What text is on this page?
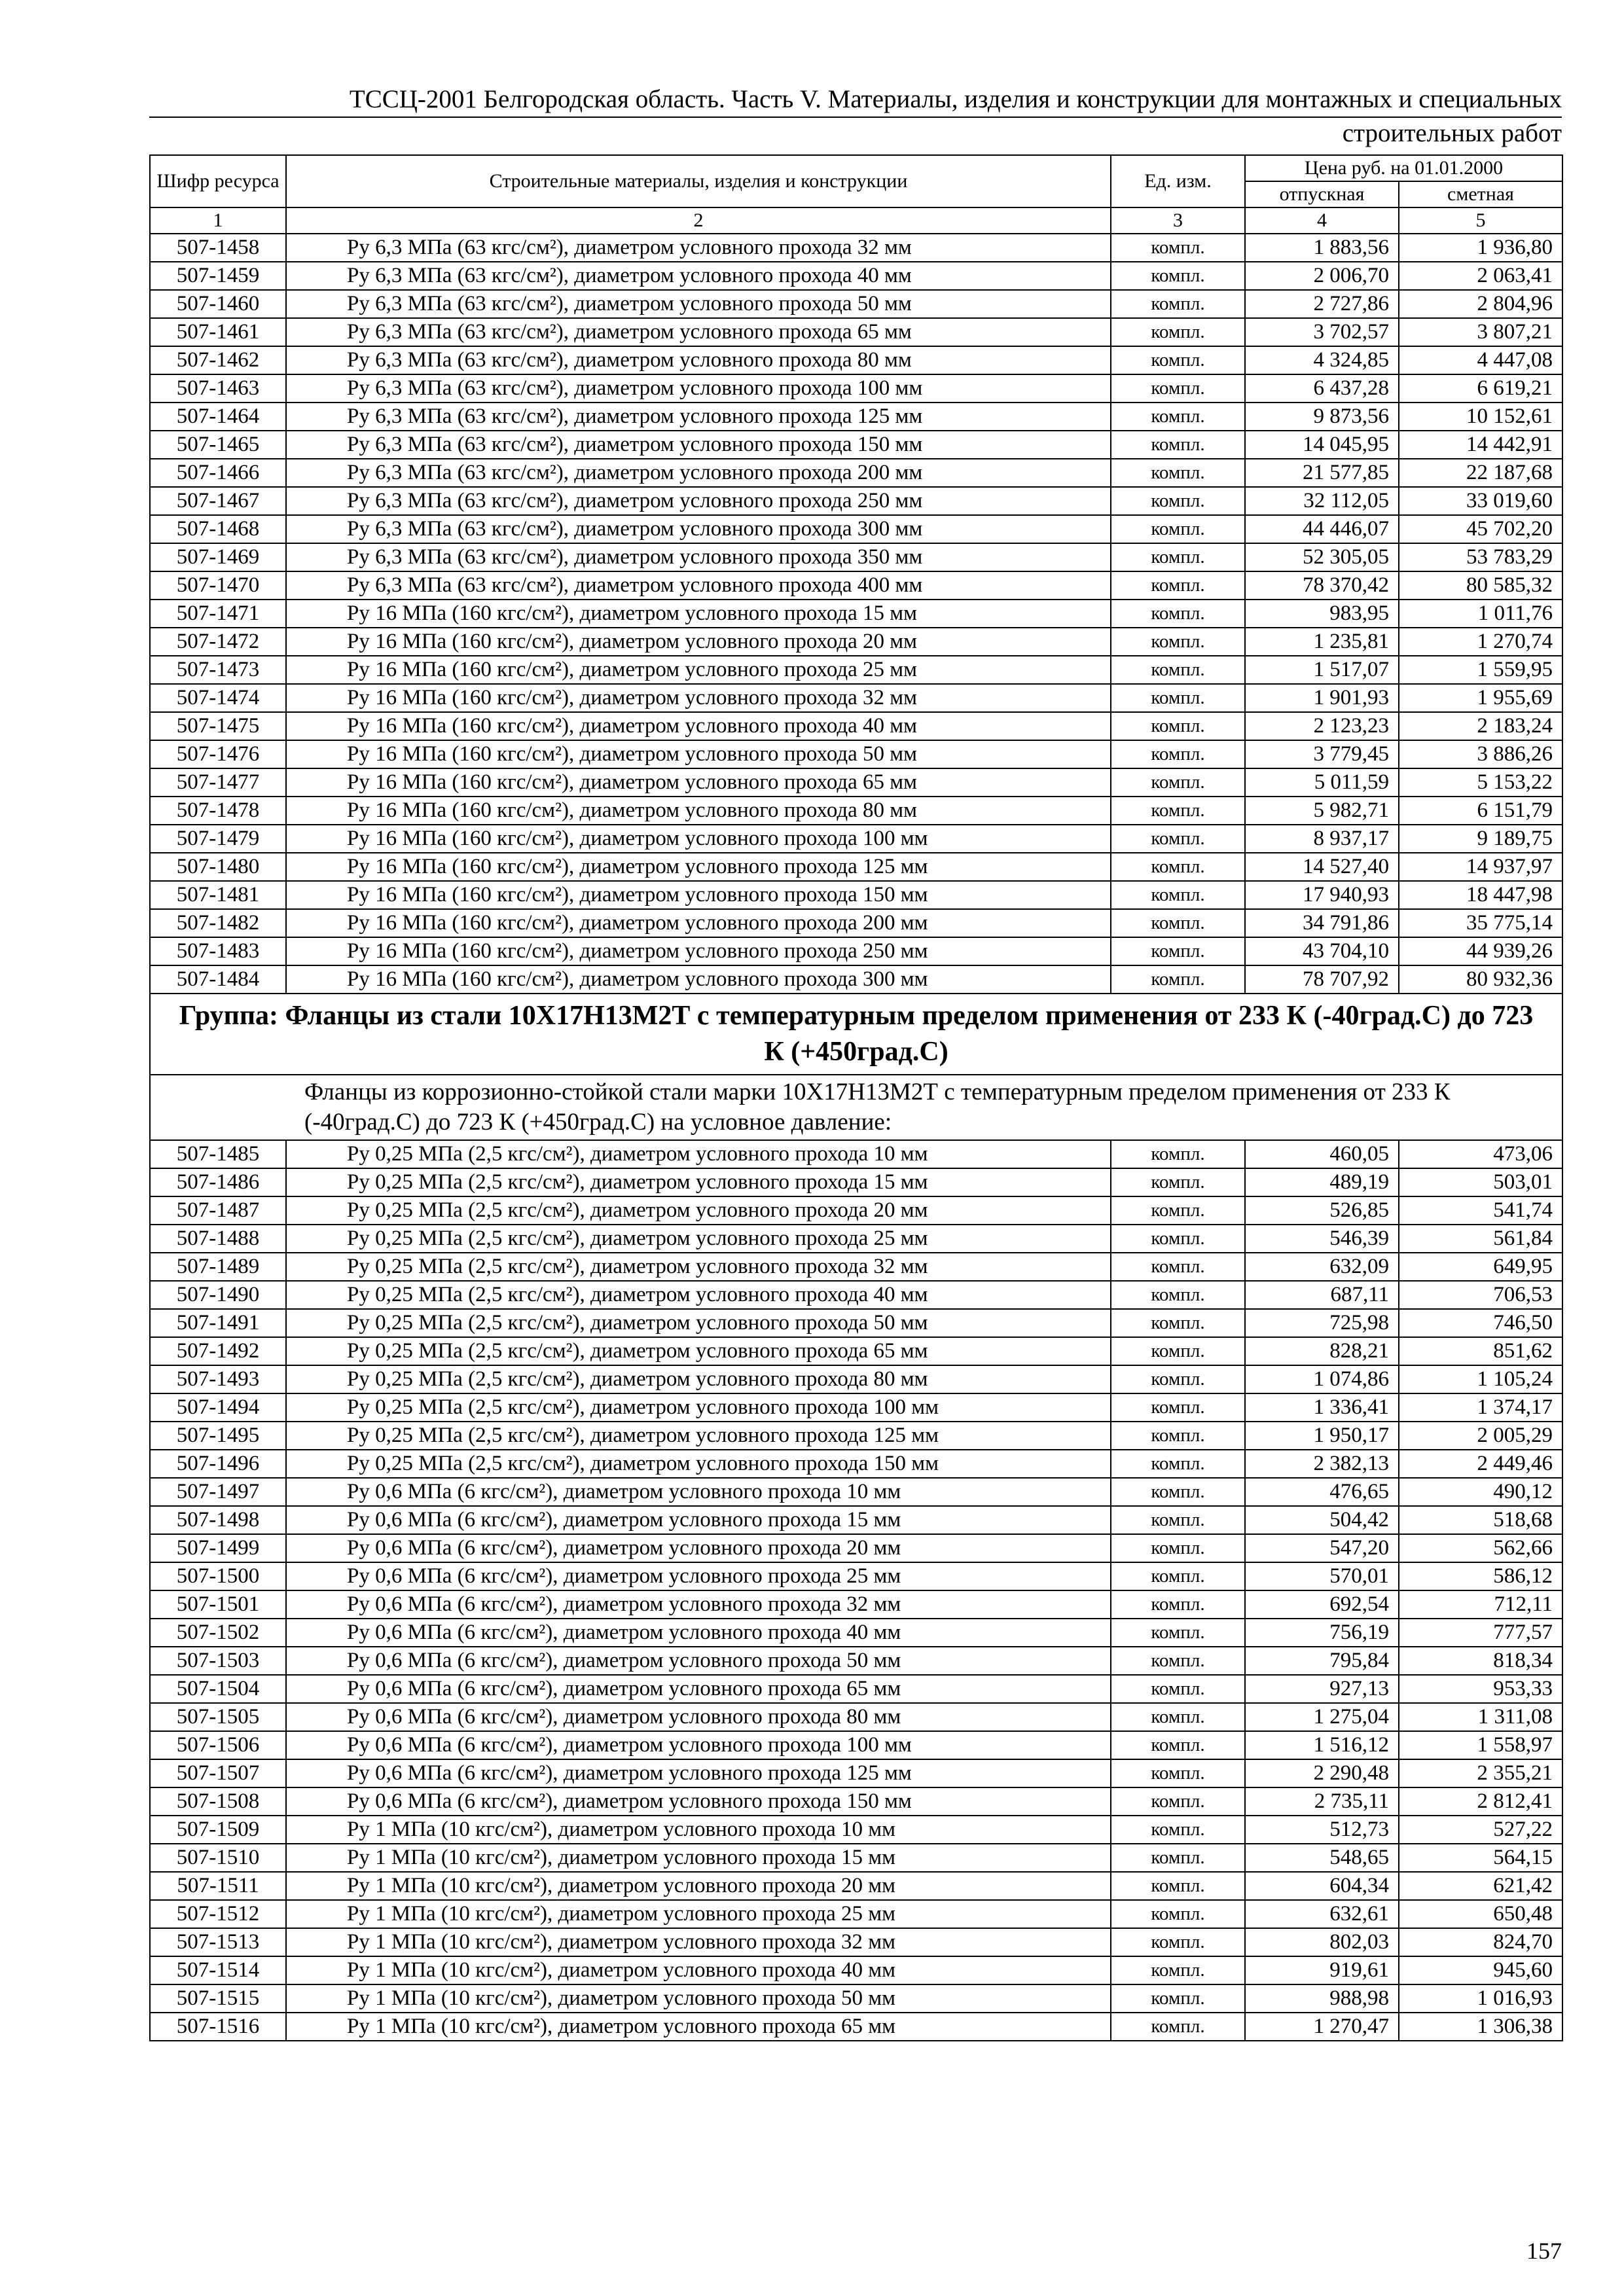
ТССЦ-2001 Белгородская область. Часть V. Материалы, изделия и конструкции для монтажных и специальных
строительных работ
Шифр ресурса	Строительные материалы, изделия и конструкции	Ед. изм.	Цена руб. на 01.01.2000	
			отпускная	сметная
1	2	3	4	5
507-1458	Ру 6,3 МПа (63 кгс/см²), диаметром условного прохода 32 мм	компл.	1 883,56	1 936,80
507-1459	Ру 6,3 МПа (63 кгс/см²), диаметром условного прохода 40 мм	компл.	2 006,70	2 063,41
507-1460	Ру 6,3 МПа (63 кгс/см²), диаметром условного прохода 50 мм	компл.	2 727,86	2 804,96
507-1461	Ру 6,3 МПа (63 кгс/см²), диаметром условного прохода 65 мм	компл.	3 702,57	3 807,21
507-1462	Ру 6,3 МПа (63 кгс/см²), диаметром условного прохода 80 мм	компл.	4 324,85	4 447,08
507-1463	Ру 6,3 МПа (63 кгс/см²), диаметром условного прохода 100 мм	компл.	6 437,28	6 619,21
507-1464	Ру 6,3 МПа (63 кгс/см²), диаметром условного прохода 125 мм	компл.	9 873,56	10 152,61
507-1465	Ру 6,3 МПа (63 кгс/см²), диаметром условного прохода 150 мм	компл.	14 045,95	14 442,91
507-1466	Ру 6,3 МПа (63 кгс/см²), диаметром условного прохода 200 мм	компл.	21 577,85	22 187,68
507-1467	Ру 6,3 МПа (63 кгс/см²), диаметром условного прохода 250 мм	компл.	32 112,05	33 019,60
507-1468	Ру 6,3 МПа (63 кгс/см²), диаметром условного прохода 300 мм	компл.	44 446,07	45 702,20
507-1469	Ру 6,3 МПа (63 кгс/см²), диаметром условного прохода 350 мм	компл.	52 305,05	53 783,29
507-1470	Ру 6,3 МПа (63 кгс/см²), диаметром условного прохода 400 мм	компл.	78 370,42	80 585,32
507-1471	Ру 16 МПа (160 кгс/см²), диаметром условного прохода 15 мм	компл.	983,95	1 011,76
507-1472	Ру 16 МПа (160 кгс/см²), диаметром условного прохода 20 мм	компл.	1 235,81	1 270,74
507-1473	Ру 16 МПа (160 кгс/см²), диаметром условного прохода 25 мм	компл.	1 517,07	1 559,95
507-1474	Ру 16 МПа (160 кгс/см²), диаметром условного прохода 32 мм	компл.	1 901,93	1 955,69
507-1475	Ру 16 МПа (160 кгс/см²), диаметром условного прохода 40 мм	компл.	2 123,23	2 183,24
507-1476	Ру 16 МПа (160 кгс/см²), диаметром условного прохода 50 мм	компл.	3 779,45	3 886,26
507-1477	Ру 16 МПа (160 кгс/см²), диаметром условного прохода 65 мм	компл.	5 011,59	5 153,22
507-1478	Ру 16 МПа (160 кгс/см²), диаметром условного прохода 80 мм	компл.	5 982,71	6 151,79
507-1479	Ру 16 МПа (160 кгс/см²), диаметром условного прохода 100 мм	компл.	8 937,17	9 189,75
507-1480	Ру 16 МПа (160 кгс/см²), диаметром условного прохода 125 мм	компл.	14 527,40	14 937,97
507-1481	Ру 16 МПа (160 кгс/см²), диаметром условного прохода 150 мм	компл.	17 940,93	18 447,98
507-1482	Ру 16 МПа (160 кгс/см²), диаметром условного прохода 200 мм	компл.	34 791,86	35 775,14
507-1483	Ру 16 МПа (160 кгс/см²), диаметром условного прохода 250 мм	компл.	43 704,10	44 939,26
507-1484	Ру 16 МПа (160 кгс/см²), диаметром условного прохода 300 мм	компл.	78 707,92	80 932,36
Группа: Фланцы из стали 10Х17Н13М2Т с температурным пределом применения от 233 К (-40град.С) до 723 К (+450град.С)				
Фланцы из коррозионно-стойкой стали марки 10Х17Н13М2Т с температурным пределом применения от 233 К (-40град.С) до 723 К (+450град.С) на условное давление:				
507-1485	Ру 0,25 МПа (2,5 кгс/см²), диаметром условного прохода 10 мм	компл.	460,05	473,06
507-1486	Ру 0,25 МПа (2,5 кгс/см²), диаметром условного прохода 15 мм	компл.	489,19	503,01
507-1487	Ру 0,25 МПа (2,5 кгс/см²), диаметром условного прохода 20 мм	компл.	526,85	541,74
507-1488	Ру 0,25 МПа (2,5 кгс/см²), диаметром условного прохода 25 мм	компл.	546,39	561,84
507-1489	Ру 0,25 МПа (2,5 кгс/см²), диаметром условного прохода 32 мм	компл.	632,09	649,95
507-1490	Ру 0,25 МПа (2,5 кгс/см²), диаметром условного прохода 40 мм	компл.	687,11	706,53
507-1491	Ру 0,25 МПа (2,5 кгс/см²), диаметром условного прохода 50 мм	компл.	725,98	746,50
507-1492	Ру 0,25 МПа (2,5 кгс/см²), диаметром условного прохода 65 мм	компл.	828,21	851,62
507-1493	Ру 0,25 МПа (2,5 кгс/см²), диаметром условного прохода 80 мм	компл.	1 074,86	1 105,24
507-1494	Ру 0,25 МПа (2,5 кгс/см²), диаметром условного прохода 100 мм	компл.	1 336,41	1 374,17
507-1495	Ру 0,25 МПа (2,5 кгс/см²), диаметром условного прохода 125 мм	компл.	1 950,17	2 005,29
507-1496	Ру 0,25 МПа (2,5 кгс/см²), диаметром условного прохода 150 мм	компл.	2 382,13	2 449,46
507-1497	Ру 0,6 МПа (6 кгс/см²), диаметром условного прохода 10 мм	компл.	476,65	490,12
507-1498	Ру 0,6 МПа (6 кгс/см²), диаметром условного прохода 15 мм	компл.	504,42	518,68
507-1499	Ру 0,6 МПа (6 кгс/см²), диаметром условного прохода 20 мм	компл.	547,20	562,66
507-1500	Ру 0,6 МПа (6 кгс/см²), диаметром условного прохода 25 мм	компл.	570,01	586,12
507-1501	Ру 0,6 МПа (6 кгс/см²), диаметром условного прохода 32 мм	компл.	692,54	712,11
507-1502	Ру 0,6 МПа (6 кгс/см²), диаметром условного прохода 40 мм	компл.	756,19	777,57
507-1503	Ру 0,6 МПа (6 кгс/см²), диаметром условного прохода 50 мм	компл.	795,84	818,34
507-1504	Ру 0,6 МПа (6 кгс/см²), диаметром условного прохода 65 мм	компл.	927,13	953,33
507-1505	Ру 0,6 МПа (6 кгс/см²), диаметром условного прохода 80 мм	компл.	1 275,04	1 311,08
507-1506	Ру 0,6 МПа (6 кгс/см²), диаметром условного прохода 100 мм	компл.	1 516,12	1 558,97
507-1507	Ру 0,6 МПа (6 кгс/см²), диаметром условного прохода 125 мм	компл.	2 290,48	2 355,21
507-1508	Ру 0,6 МПа (6 кгс/см²), диаметром условного прохода 150 мм	компл.	2 735,11	2 812,41
507-1509	Ру 1 МПа (10 кгс/см²), диаметром условного прохода 10 мм	компл.	512,73	527,22
507-1510	Ру 1 МПа (10 кгс/см²), диаметром условного прохода 15 мм	компл.	548,65	564,15
507-1511	Ру 1 МПа (10 кгс/см²), диаметром условного прохода 20 мм	компл.	604,34	621,42
507-1512	Ру 1 МПа (10 кгс/см²), диаметром условного прохода 25 мм	компл.	632,61	650,48
507-1513	Ру 1 МПа (10 кгс/см²), диаметром условного прохода 32 мм	компл.	802,03	824,70
507-1514	Ру 1 МПа (10 кгс/см²), диаметром условного прохода 40 мм	компл.	919,61	945,60
507-1515	Ру 1 МПа (10 кгс/см²), диаметром условного прохода 50 мм	компл.	988,98	1 016,93
507-1516	Ру 1 МПа (10 кгс/см²), диаметром условного прохода 65 мм	компл.	1 270,47	1 306,38
157
